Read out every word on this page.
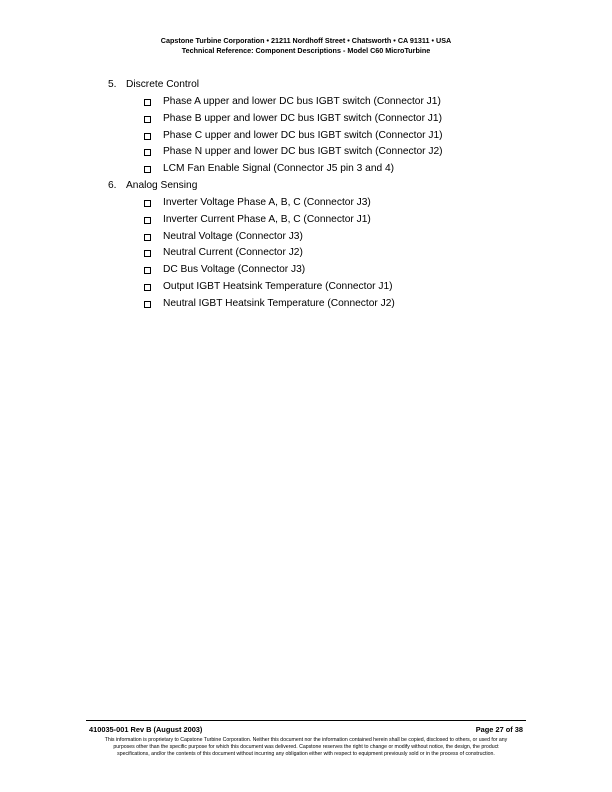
Capstone Turbine Corporation • 21211 Nordhoff Street • Chatsworth • CA 91311 • USA
Technical Reference: Component Descriptions - Model C60 MicroTurbine
5. Discrete Control
Phase A upper and lower DC bus IGBT switch (Connector J1)
Phase B upper and lower DC bus IGBT switch (Connector J1)
Phase C upper and lower DC bus IGBT switch (Connector J1)
Phase N upper and lower DC bus IGBT switch (Connector J2)
LCM Fan Enable Signal (Connector J5 pin 3 and 4)
6. Analog Sensing
Inverter Voltage Phase A, B, C (Connector J3)
Inverter Current Phase A, B, C (Connector J1)
Neutral Voltage (Connector J3)
Neutral Current (Connector J2)
DC Bus Voltage (Connector J3)
Output IGBT Heatsink Temperature (Connector J1)
Neutral IGBT Heatsink Temperature (Connector J2)
410035-001 Rev B (August 2003)	Page 27 of 38
This information is proprietary to Capstone Turbine Corporation. Neither this document nor the information contained herein shall be copied, disclosed to others, or used for any
purposes other than the specific purpose for which this document was delivered. Capstone reserves the right to change or modify without notice, the design, the product
specifications, and/or the contents of this document without incurring any obligation either with respect to equipment previously sold or in the process of construction.
